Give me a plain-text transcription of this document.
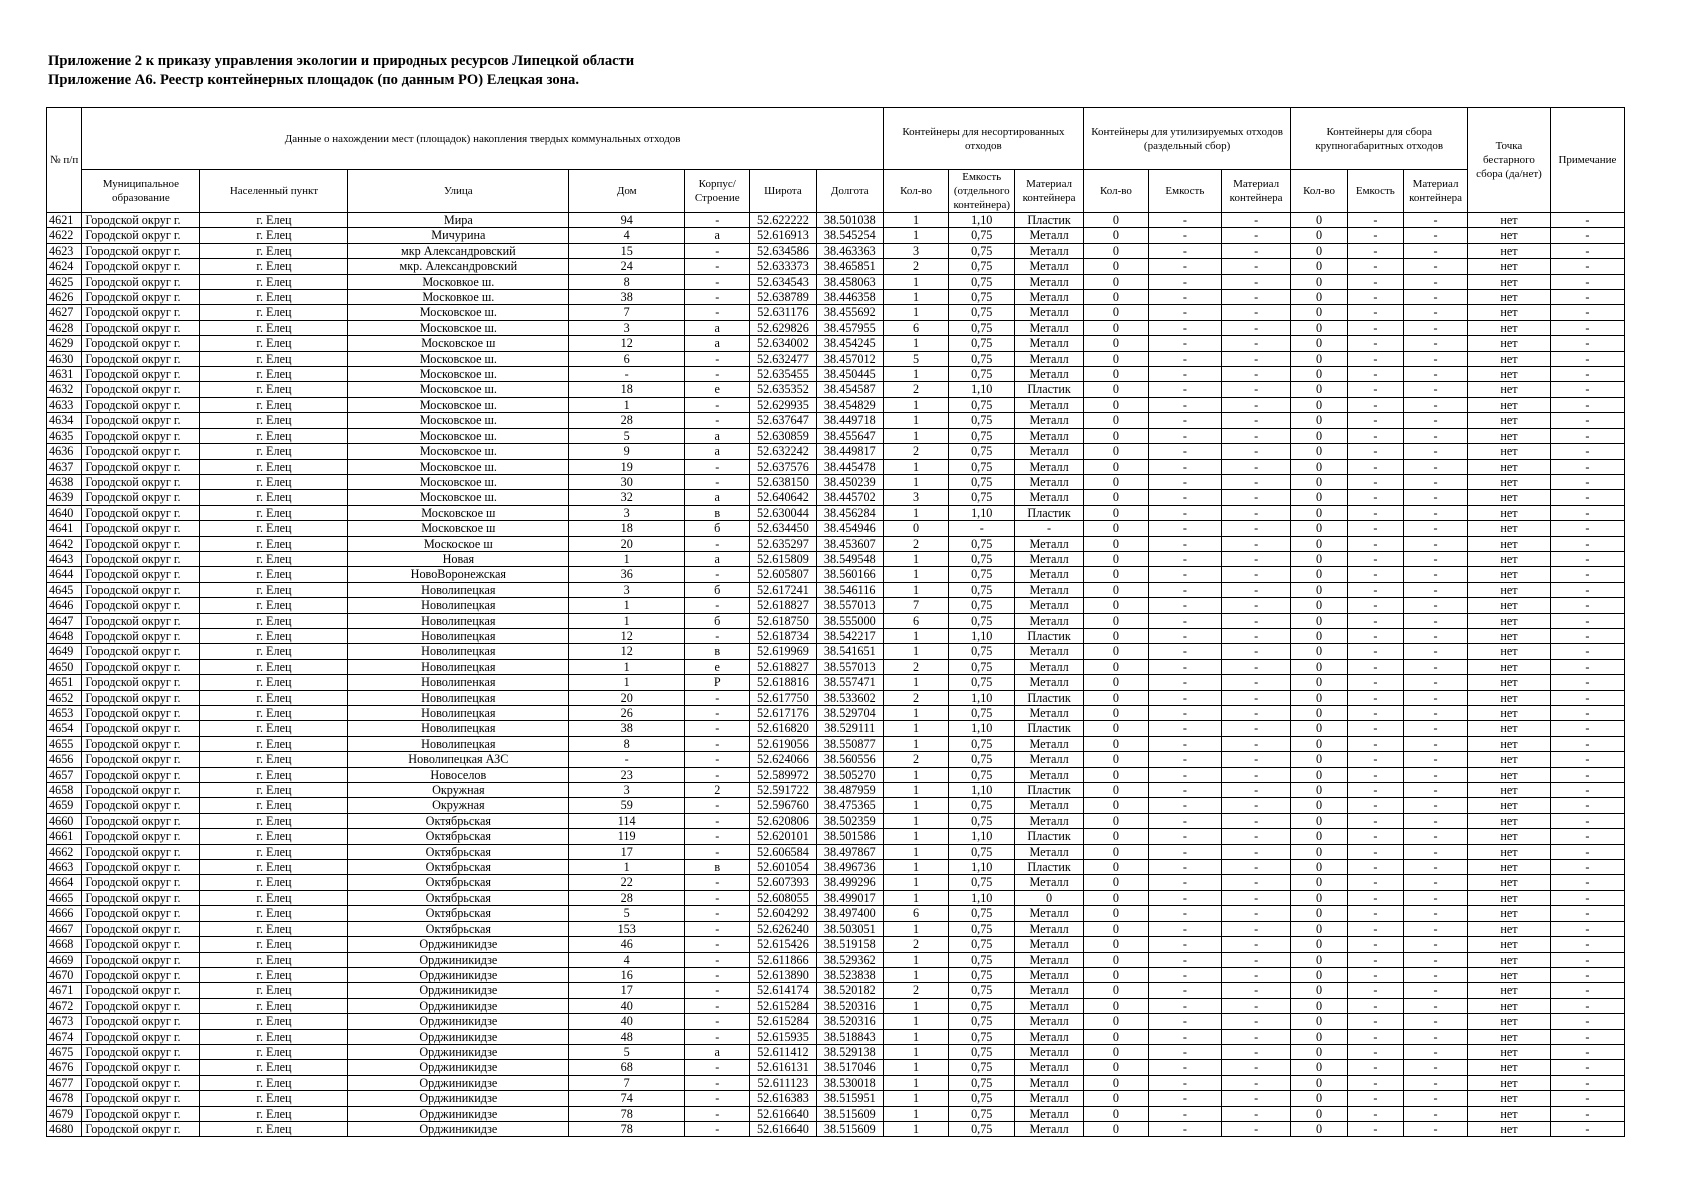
Приложение 2 к приказу управления экологии и природных ресурсов Липецкой области
Приложение А6. Реестр контейнерных площадок (по данным РО) Елецкая зона.
№ п/п	Данные о нахождении мест (площадок) накопления твердых коммунальных отходов							Контейнеры для несортированных отходов			Контейнеры для утилизируемых отходов (раздельный сбор)			Контейнеры для сбора крупногабаритных отходов			Точка бестарного сбора (да/нет)	Примечание
	Муниципальное образование	Населенный пункт	Улица	Дом	Корпус/ Строение	Широта	Долгота	Кол-во	Емкость (отдельного контейнера)	Материал контейнера	Кол-во	Емкость	Материал контейнера	Кол-во	Емкость	Материал контейнера		
4621	Городской округ г.	г. Елец	Мира	94	-	52.622222	38.501038	1	1,10	Пластик	0	-	-	0	-	-	нет	-
4622	Городской округ г.	г. Елец	Мичурина	4	а	52.616913	38.545254	1	0,75	Металл	0	-	-	0	-	-	нет	-
4623	Городской округ г.	г. Елец	мкр Александровский	15	-	52.634586	38.463363	3	0,75	Металл	0	-	-	0	-	-	нет	-
4624	Городской округ г.	г. Елец	мкр. Александровский	24	-	52.633373	38.465851	2	0,75	Металл	0	-	-	0	-	-	нет	-
4625	Городской округ г.	г. Елец	Московкое ш.	8	-	52.634543	38.458063	1	0,75	Металл	0	-	-	0	-	-	нет	-
4626	Городской округ г.	г. Елец	Московкое ш.	38	-	52.638789	38.446358	1	0,75	Металл	0	-	-	0	-	-	нет	-
4627	Городской округ г.	г. Елец	Московское ш.	7	-	52.631176	38.455692	1	0,75	Металл	0	-	-	0	-	-	нет	-
4628	Городской округ г.	г. Елец	Московское ш.	3	а	52.629826	38.457955	6	0,75	Металл	0	-	-	0	-	-	нет	-
4629	Городской округ г.	г. Елец	Московское ш	12	а	52.634002	38.454245	1	0,75	Металл	0	-	-	0	-	-	нет	-
4630	Городской округ г.	г. Елец	Московское ш.	6	-	52.632477	38.457012	5	0,75	Металл	0	-	-	0	-	-	нет	-
4631	Городской округ г.	г. Елец	Московское ш.	-	-	52.635455	38.450445	1	0,75	Металл	0	-	-	0	-	-	нет	-
4632	Городской округ г.	г. Елец	Московское ш.	18	е	52.635352	38.454587	2	1,10	Пластик	0	-	-	0	-	-	нет	-
4633	Городской округ г.	г. Елец	Московское ш.	1	-	52.629935	38.454829	1	0,75	Металл	0	-	-	0	-	-	нет	-
4634	Городской округ г.	г. Елец	Московское ш.	28	-	52.637647	38.449718	1	0,75	Металл	0	-	-	0	-	-	нет	-
4635	Городской округ г.	г. Елец	Московское ш.	5	а	52.630859	38.455647	1	0,75	Металл	0	-	-	0	-	-	нет	-
4636	Городской округ г.	г. Елец	Московское ш.	9	а	52.632242	38.449817	2	0,75	Металл	0	-	-	0	-	-	нет	-
4637	Городской округ г.	г. Елец	Московское ш.	19	-	52.637576	38.445478	1	0,75	Металл	0	-	-	0	-	-	нет	-
4638	Городской округ г.	г. Елец	Московское ш.	30	-	52.638150	38.450239	1	0,75	Металл	0	-	-	0	-	-	нет	-
4639	Городской округ г.	г. Елец	Московское ш.	32	а	52.640642	38.445702	3	0,75	Металл	0	-	-	0	-	-	нет	-
4640	Городской округ г.	г. Елец	Московское ш	3	в	52.630044	38.456284	1	1,10	Пластик	0	-	-	0	-	-	нет	-
4641	Городской округ г.	г. Елец	Московское ш	18	б	52.634450	38.454946	0	-	-	0	-	-	0	-	-	нет	-
4642	Городской округ г.	г. Елец	Москоское ш	20	-	52.635297	38.453607	2	0,75	Металл	0	-	-	0	-	-	нет	-
4643	Городской округ г.	г. Елец	Новая	1	а	52.615809	38.549548	1	0,75	Металл	0	-	-	0	-	-	нет	-
4644	Городской округ г.	г. Елец	НовоВоронежская	36	-	52.605807	38.560166	1	0,75	Металл	0	-	-	0	-	-	нет	-
4645	Городской округ г.	г. Елец	Новолипецкая	3	б	52.617241	38.546116	1	0,75	Металл	0	-	-	0	-	-	нет	-
4646	Городской округ г.	г. Елец	Новолипецкая	1	-	52.618827	38.557013	7	0,75	Металл	0	-	-	0	-	-	нет	-
4647	Городской округ г.	г. Елец	Новолипецкая	1	б	52.618750	38.555000	6	0,75	Металл	0	-	-	0	-	-	нет	-
4648	Городской округ г.	г. Елец	Новолипецкая	12	-	52.618734	38.542217	1	1,10	Пластик	0	-	-	0	-	-	нет	-
4649	Городской округ г.	г. Елец	Новолипецкая	12	в	52.619969	38.541651	1	0,75	Металл	0	-	-	0	-	-	нет	-
4650	Городской округ г.	г. Елец	Новолипецкая	1	е	52.618827	38.557013	2	0,75	Металл	0	-	-	0	-	-	нет	-
4651	Городской округ г.	г. Елец	Новолипенкая	1	Р	52.618816	38.557471	1	0,75	Металл	0	-	-	0	-	-	нет	-
4652	Городской округ г.	г. Елец	Новолипецкая	20	-	52.617750	38.533602	2	1,10	Пластик	0	-	-	0	-	-	нет	-
4653	Городской округ г.	г. Елец	Новолипецкая	26	-	52.617176	38.529704	1	0,75	Металл	0	-	-	0	-	-	нет	-
4654	Городской округ г.	г. Елец	Новолипецкая	38	-	52.616820	38.529111	1	1,10	Пластик	0	-	-	0	-	-	нет	-
4655	Городской округ г.	г. Елец	Новолипецкая	8	-	52.619056	38.550877	1	0,75	Металл	0	-	-	0	-	-	нет	-
4656	Городской округ г.	г. Елец	Новолипецкая АЗС	-	-	52.624066	38.560556	2	0,75	Металл	0	-	-	0	-	-	нет	-
4657	Городской округ г.	г. Елец	Новоселов	23	-	52.589972	38.505270	1	0,75	Металл	0	-	-	0	-	-	нет	-
4658	Городской округ г.	г. Елец	Окружная	3	2	52.591722	38.487959	1	1,10	Пластик	0	-	-	0	-	-	нет	-
4659	Городской округ г.	г. Елец	Окружная	59	-	52.596760	38.475365	1	0,75	Металл	0	-	-	0	-	-	нет	-
4660	Городской округ г.	г. Елец	Октябрьская	114	-	52.620806	38.502359	1	0,75	Металл	0	-	-	0	-	-	нет	-
4661	Городской округ г.	г. Елец	Октябрьская	119	-	52.620101	38.501586	1	1,10	Пластик	0	-	-	0	-	-	нет	-
4662	Городской округ г.	г. Елец	Октябрьская	17	-	52.606584	38.497867	1	0,75	Металл	0	-	-	0	-	-	нет	-
4663	Городской округ г.	г. Елец	Октябрьская	1	в	52.601054	38.496736	1	1,10	Пластик	0	-	-	0	-	-	нет	-
4664	Городской округ г.	г. Елец	Октябрьская	22	-	52.607393	38.499296	1	0,75	Металл	0	-	-	0	-	-	нет	-
4665	Городской округ г.	г. Елец	Октябрьская	28	-	52.608055	38.499017	1	1,10	0	0	-	-	0	-	-	нет	-
4666	Городской округ г.	г. Елец	Октябрьская	5	-	52.604292	38.497400	6	0,75	Металл	0	-	-	0	-	-	нет	-
4667	Городской округ г.	г. Елец	Октябрьская	153	-	52.626240	38.503051	1	0,75	Металл	0	-	-	0	-	-	нет	-
4668	Городской округ г.	г. Елец	Орджиникидзе	46	-	52.615426	38.519158	2	0,75	Металл	0	-	-	0	-	-	нет	-
4669	Городской округ г.	г. Елец	Орджиникидзе	4	-	52.611866	38.529362	1	0,75	Металл	0	-	-	0	-	-	нет	-
4670	Городской округ г.	г. Елец	Орджиникидзе	16	-	52.613890	38.523838	1	0,75	Металл	0	-	-	0	-	-	нет	-
4671	Городской округ г.	г. Елец	Орджиникидзе	17	-	52.614174	38.520182	2	0,75	Металл	0	-	-	0	-	-	нет	-
4672	Городской округ г.	г. Елец	Орджиникидзе	40	-	52.615284	38.520316	1	0,75	Металл	0	-	-	0	-	-	нет	-
4673	Городской округ г.	г. Елец	Орджиникидзе	40	-	52.615284	38.520316	1	0,75	Металл	0	-	-	0	-	-	нет	-
4674	Городской округ г.	г. Елец	Орджиникидзе	48	-	52.615935	38.518843	1	0,75	Металл	0	-	-	0	-	-	нет	-
4675	Городской округ г.	г. Елец	Орджиникидзе	5	а	52.611412	38.529138	1	0,75	Металл	0	-	-	0	-	-	нет	-
4676	Городской округ г.	г. Елец	Орджиникидзе	68	-	52.616131	38.517046	1	0,75	Металл	0	-	-	0	-	-	нет	-
4677	Городской округ г.	г. Елец	Орджиникидзе	7	-	52.611123	38.530018	1	0,75	Металл	0	-	-	0	-	-	нет	-
4678	Городской округ г.	г. Елец	Орджиникидзе	74	-	52.616383	38.515951	1	0,75	Металл	0	-	-	0	-	-	нет	-
4679	Городской округ г.	г. Елец	Орджиникидзе	78	-	52.616640	38.515609	1	0,75	Металл	0	-	-	0	-	-	нет	-
4680	Городской округ г.	г. Елец	Орджиникидзе	78	-	52.616640	38.515609	1	0,75	Металл	0	-	-	0	-	-	нет	-
